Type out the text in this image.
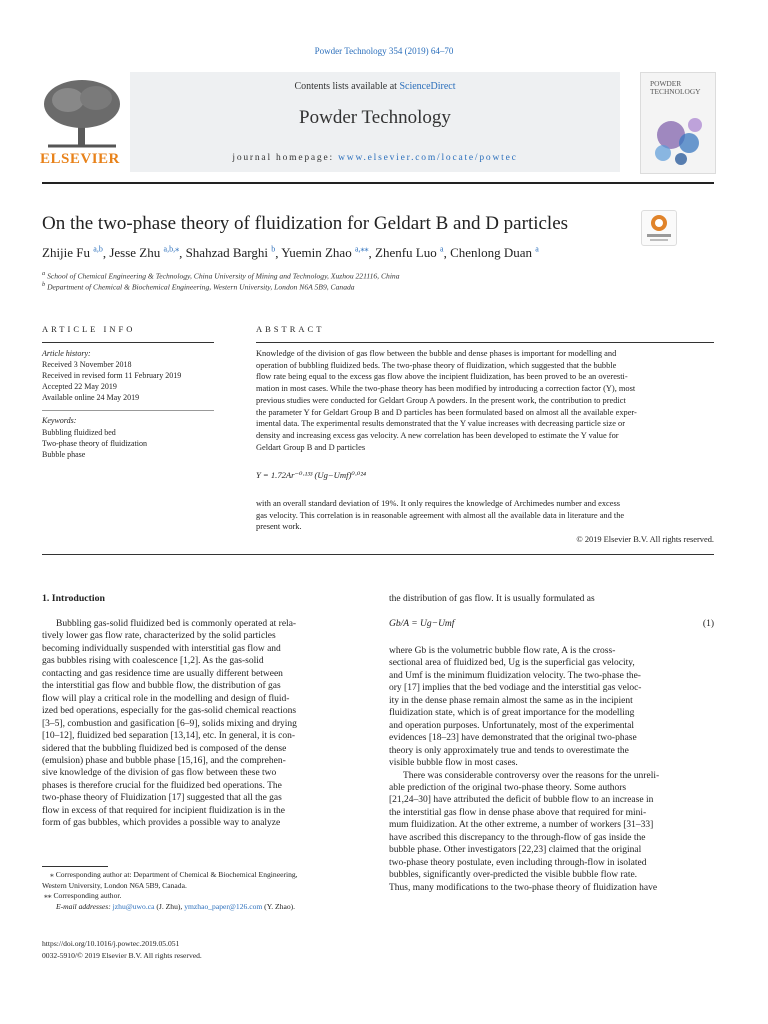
Powder Technology 354 (2019) 64–70
ELSEVIER
Contents lists available at ScienceDirect
Powder Technology
journal homepage: www.elsevier.com/locate/powtec
POWDER
TECHNOLOGY
On the two-phase theory of fluidization for Geldart B and D particles
Zhijie Fu $^{a,b}$, Jesse Zhu $^{a,b,⁎}$, Shahzad Barghi $^b$, Yuemin Zhao $^{a,⁎⁎}$, Zhenfu Luo $^a$, Chenlong Duan $^a$
$^a$ School of Chemical Engineering & Technology, China University of Mining and Technology, Xuzhou 221116, China
$^b$ Department of Chemical & Biochemical Engineering, Western University, London N6A 5B9, Canada
ARTICLE INFO
Article history:
Received 3 November 2018
Received in revised form 11 February 2019
Accepted 22 May 2019
Available online 24 May 2019
Keywords:
Bubbling fluidized bed
Two-phase theory of fluidization
Bubble phase
ABSTRACT
Knowledge of the division of gas flow between the bubble and dense phases is important for modelling and
operation of bubbling fluidized beds. The two-phase theory of fluidization, which suggested that the bubble
flow rate being equal to the excess gas flow above the incipient fluidization, has been proved to be an overesti-
mation in most cases. While the two-phase theory has been modified by introducing a correction factor (Y), most
previous studies were conducted for Geldart Group A powders. In the present work, the contribution to predict
the parameter Y for Geldart Group B and D particles has been formulated based on almost all the available exper-
imental data. The experimental results demonstrated that the Y value increases with decreasing particle size or
density and increasing excess gas velocity. A new correlation has been developed to estimate the Y value for
Geldart Group B and D particles
Y = 1.72Ar⁻⁰·¹³³ (Ug−Umf)⁰·⁰²⁴
with an overall standard deviation of 19%. It only requires the knowledge of Archimedes number and excess
gas velocity. This correlation is in reasonable agreement with almost all the available data in literature and the
present work.
© 2019 Elsevier B.V. All rights reserved.
1. Introduction
Bubbling gas-solid fluidized bed is commonly operated at rela-
tively lower gas flow rate, characterized by the solid particles
becoming individually suspended with interstitial gas flow and
gas bubbles rising with coalescence [1,2]. As the gas-solid
contacting and gas residence time are usually different between
the interstitial gas flow and bubble flow, the distribution of gas
flow will play a critical role in the modelling and design of fluid-
ized bed operations, especially for the gas-solid chemical reactions
[3–5], combustion and gasification [6–9], solids mixing and drying
[10–12], fluidized bed separation [13,14], etc. In general, it is con-
sidered that the bubbling fluidized bed is composed of the dense
(emulsion) phase and bubble phase [15,16], and the comprehen-
sive knowledge of the division of gas flow between these two
phases is therefore crucial for the fluidized bed operations. The
two-phase theory of Fluidization [17] suggested that all the gas
flow in excess of that required for incipient fluidization is in the
form of gas bubbles, which provides a possible way to analyze
⁎ Corresponding author at: Department of Chemical & Biochemical Engineering,
Western University, London N6A 5B9, Canada.
⁎⁎ Corresponding author.
E-mail addresses: jzhu@uwo.ca (J. Zhu), ymzhao_paper@126.com (Y. Zhao).
https://doi.org/10.1016/j.powtec.2019.05.051
0032-5910/© 2019 Elsevier B.V. All rights reserved.
the distribution of gas flow. It is usually formulated as
Gb/A = Ug−Umf	(1)
where Gb is the volumetric bubble flow rate, A is the cross-
sectional area of fluidized bed, Ug is the superficial gas velocity,
and Umf is the minimum fluidization velocity. The two-phase the-
ory [17] implies that the bed vodiage and the interstitial gas veloc-
ity in the dense phase remain almost the same as in the incipient
fluidization state, which is of great importance for the modelling
and operation purposes. Unfortunately, most of the experimental
evidences [18–23] have demonstrated that the original two-phase
theory is only approximately true and tends to overestimate the
visible bubble flow in most cases.
There was considerable controversy over the reasons for the unreli-
able prediction of the original two-phase theory. Some authors
[21,24–30] have attributed the deficit of bubble flow to an increase in
the interstitial gas flow in dense phase above that required for mini-
mum fluidization. At the other extreme, a number of workers [31–33]
have ascribed this discrepancy to the through-flow of gas inside the
bubble phase. Other investigators [22,23] claimed that the original
two-phase theory postulate, even including through-flow in isolated
bubbles, significantly over-predicted the visible bubble flow rate.
Thus, many modifications to the two-phase theory of fluidization have
